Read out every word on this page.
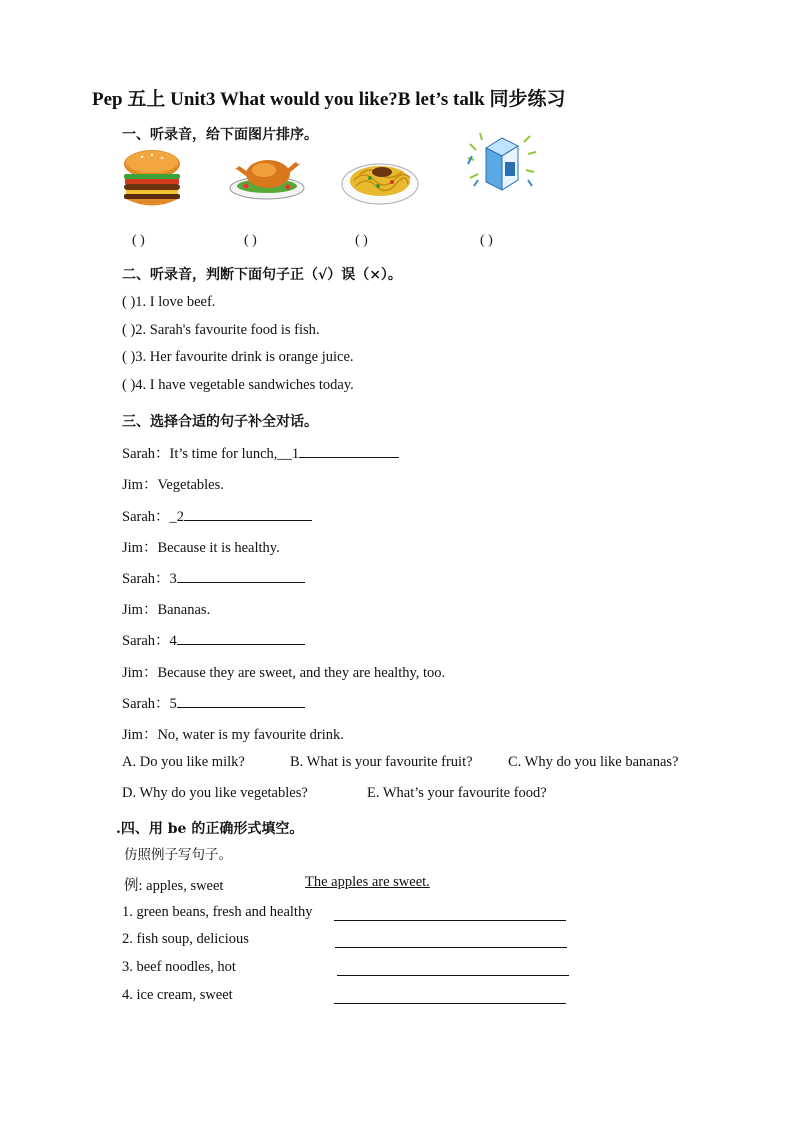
Pep 五上 Unit3 What would you like?B let’s talk 同步练习
一、听录音，给下面图片排序。
( )	( )	( )	( )
二、听录音，判断下面句子正（√）误（×）。
( )1. I love beef.
( )2. Sarah's favourite food is fish.
( )3. Her favourite drink is orange juice.
( )4. I have vegetable sandwiches today.
三、选择合适的句子补全对话。
Sarah：It’s time for lunch,__1
Jim：Vegetables.
Sarah：_2
Jim：Because it is healthy.
Sarah：3
Jim：Bananas.
Sarah：4
Jim：Because they are sweet, and they are healthy, too.
Sarah：5
Jim：No, water is my favourite drink.
A. Do you like milk?	B. What is your favourite fruit? C. Why do you like bananas?
D. Why do you like vegetables?	E. What’s your favourite food?
.四、用 be 的正确形式填空。
仿照例子写句子。
例: apples, sweet	The apples are sweet.
1. green beans, fresh and healthy
2. fish soup, delicious
3. beef noodles, hot
4. ice cream, sweet
